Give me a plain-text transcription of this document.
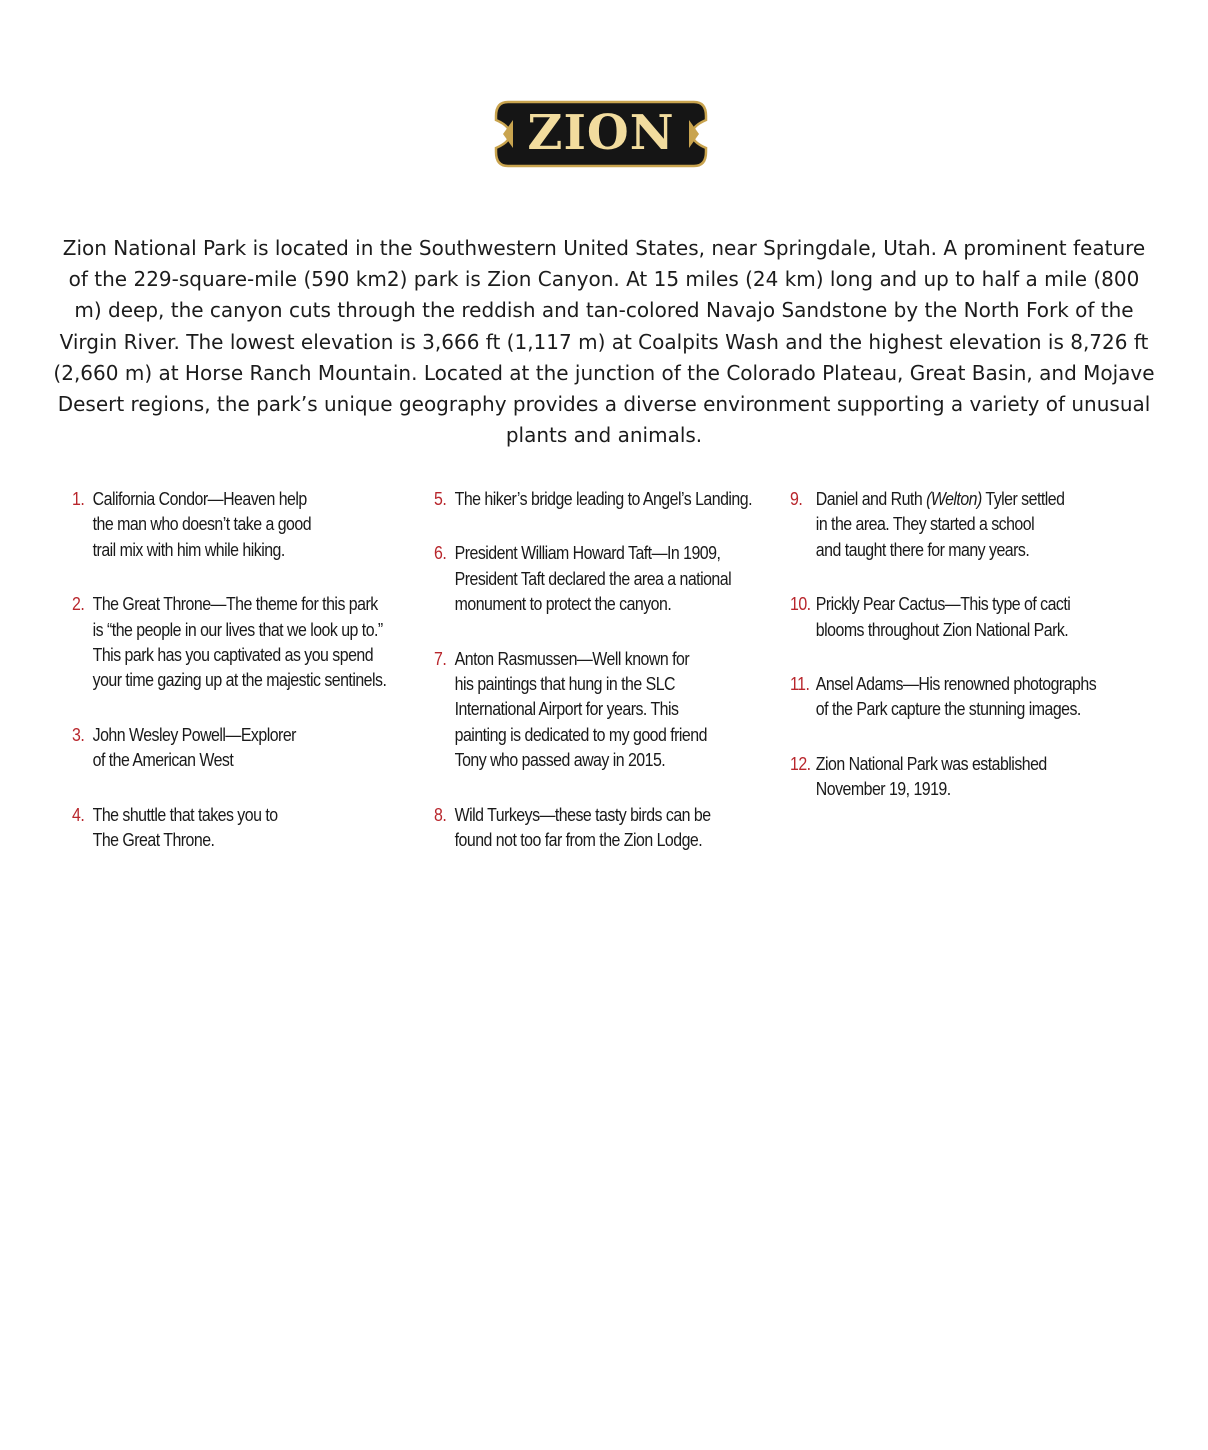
ZION

Zion National Park is located in the Southwestern United States, near Springdale, Utah. A prominent feature of the 229-square-mile (590 km2) park is Zion Canyon. At 15 miles (24 km) long and up to half a mile (800 m) deep, the canyon cuts through the reddish and tan-colored Navajo Sandstone by the North Fork of the Virgin River. The lowest elevation is 3,666 ft (1,117 m) at Coalpits Wash and the highest elevation is 8,726 ft (2,660 m) at Horse Ranch Mountain. Located at the junction of the Colorado Plateau, Great Basin, and Mojave Desert regions, the park’s unique geography provides a diverse environment supporting a variety of unusual plants and animals.

1. California Condor—Heaven help
the man who doesn’t take a good
trail mix with him while hiking.
2. The Great Throne—The theme for this park
is “the people in our lives that we look up to.”
This park has you captivated as you spend
your time gazing up at the majestic sentinels.
3. John Wesley Powell—Explorer
of the American West
4. The shuttle that takes you to
The Great Throne.
5. The hiker’s bridge leading to Angel’s Landing.
6. President William Howard Taft—In 1909,
President Taft declared the area a national
monument to protect the canyon.
7. Anton Rasmussen—Well known for
his paintings that hung in the SLC
International Airport for years. This
painting is dedicated to my good friend
Tony who passed away in 2015.
8. Wild Turkeys—these tasty birds can be
found not too far from the Zion Lodge.
9. Daniel and Ruth (Welton) Tyler settled
in the area. They started a school
and taught there for many years.
10. Prickly Pear Cactus—This type of cacti
blooms throughout Zion National Park.
11. Ansel Adams—His renowned photographs
of the Park capture the stunning images.
12. Zion National Park was established
November 19, 1919.
